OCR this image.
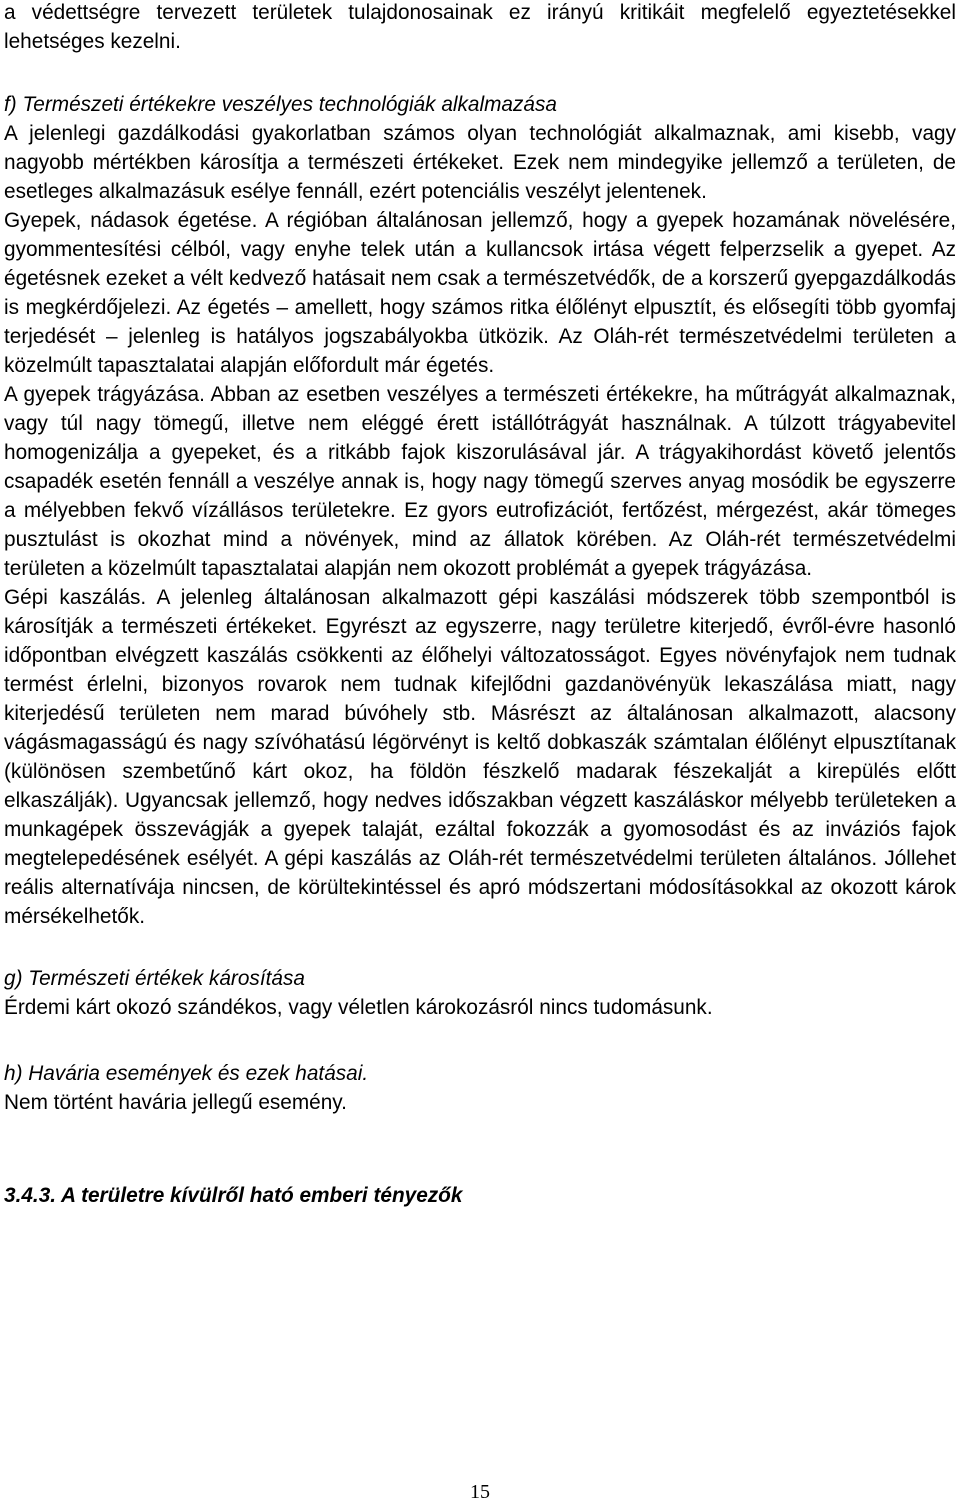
a védettségre tervezett területek tulajdonosainak ez irányú kritikáit megfelelő egyeztetésekkel lehetséges kezelni.

f) Természeti értékekre veszélyes technológiák alkalmazása

A jelenlegi gazdálkodási gyakorlatban számos olyan technológiát alkalmaznak, ami kisebb, vagy nagyobb mértékben károsítja a természeti értékeket. Ezek nem mindegyike jellemző a területen, de esetleges alkalmazásuk esélye fennáll, ezért potenciális veszélyt jelentenek.

Gyepek, nádasok égetése. A régióban általánosan jellemző, hogy a gyepek hozamának növelésére, gyommentesítési célból, vagy enyhe telek után a kullancsok irtása végett felperzselik a gyepet. Az égetésnek ezeket a vélt kedvező hatásait nem csak a természetvédők, de a korszerű gyepgazdálkodás is megkérdőjelezi. Az égetés – amellett, hogy számos ritka élőlényt elpusztít, és elősegíti több gyomfaj terjedését – jelenleg is hatályos jogszabályokba ütközik. Az Oláh-rét természetvédelmi területen a közelmúlt tapasztalatai alapján előfordult már égetés.

A gyepek trágyázása. Abban az esetben veszélyes a természeti értékekre, ha műtrágyát alkalmaznak, vagy túl nagy tömegű, illetve nem eléggé érett istállótrágyát használnak. A túlzott trágyabevitel homogenizálja a gyepeket, és a ritkább fajok kiszorulásával jár. A trágyakihordást követő jelentős csapadék esetén fennáll a veszélye annak is, hogy nagy tömegű szerves anyag mosódik be egyszerre a mélyebben fekvő vízállásos területekre. Ez gyors eutrofizációt, fertőzést, mérgezést, akár tömeges pusztulást is okozhat mind a növények, mind az állatok körében. Az Oláh-rét természetvédelmi területen a közelmúlt tapasztalatai alapján nem okozott problémát a gyepek trágyázása.

Gépi kaszálás. A jelenleg általánosan alkalmazott gépi kaszálási módszerek több szempontból is károsítják a természeti értékeket. Egyrészt az egyszerre, nagy területre kiterjedő, évről-évre hasonló időpontban elvégzett kaszálás csökkenti az élőhelyi változatosságot. Egyes növényfajok nem tudnak termést érlelni, bizonyos rovarok nem tudnak kifejlődni gazdanövényük lekaszálása miatt, nagy kiterjedésű területen nem marad búvóhely stb. Másrészt az általánosan alkalmazott, alacsony vágásmagasságú és nagy szívóhatású légörvényt is keltő dobkaszák számtalan élőlényt elpusztítanak (különösen szembetűnő kárt okoz, ha földön fészkelő madarak fészekalját a kirepülés előtt elkaszálják). Ugyancsak jellemző, hogy nedves időszakban végzett kaszáláskor mélyebb területeken a munkagépek összevágják a gyepek talaját, ezáltal fokozzák a gyomosodást és az inváziós fajok megtelepedésének esélyét. A gépi kaszálás az Oláh-rét természetvédelmi területen általános. Jóllehet reális alternatívája nincsen, de körültekintéssel és apró módszertani módosításokkal az okozott károk mérsékelhetők.

g) Természeti értékek károsítása

Érdemi kárt okozó szándékos, vagy véletlen károkozásról nincs tudomásunk.

h) Havária események és ezek hatásai.

Nem történt havária jellegű esemény.

3.4.3. A területre kívülről ható emberi tényezők

15
